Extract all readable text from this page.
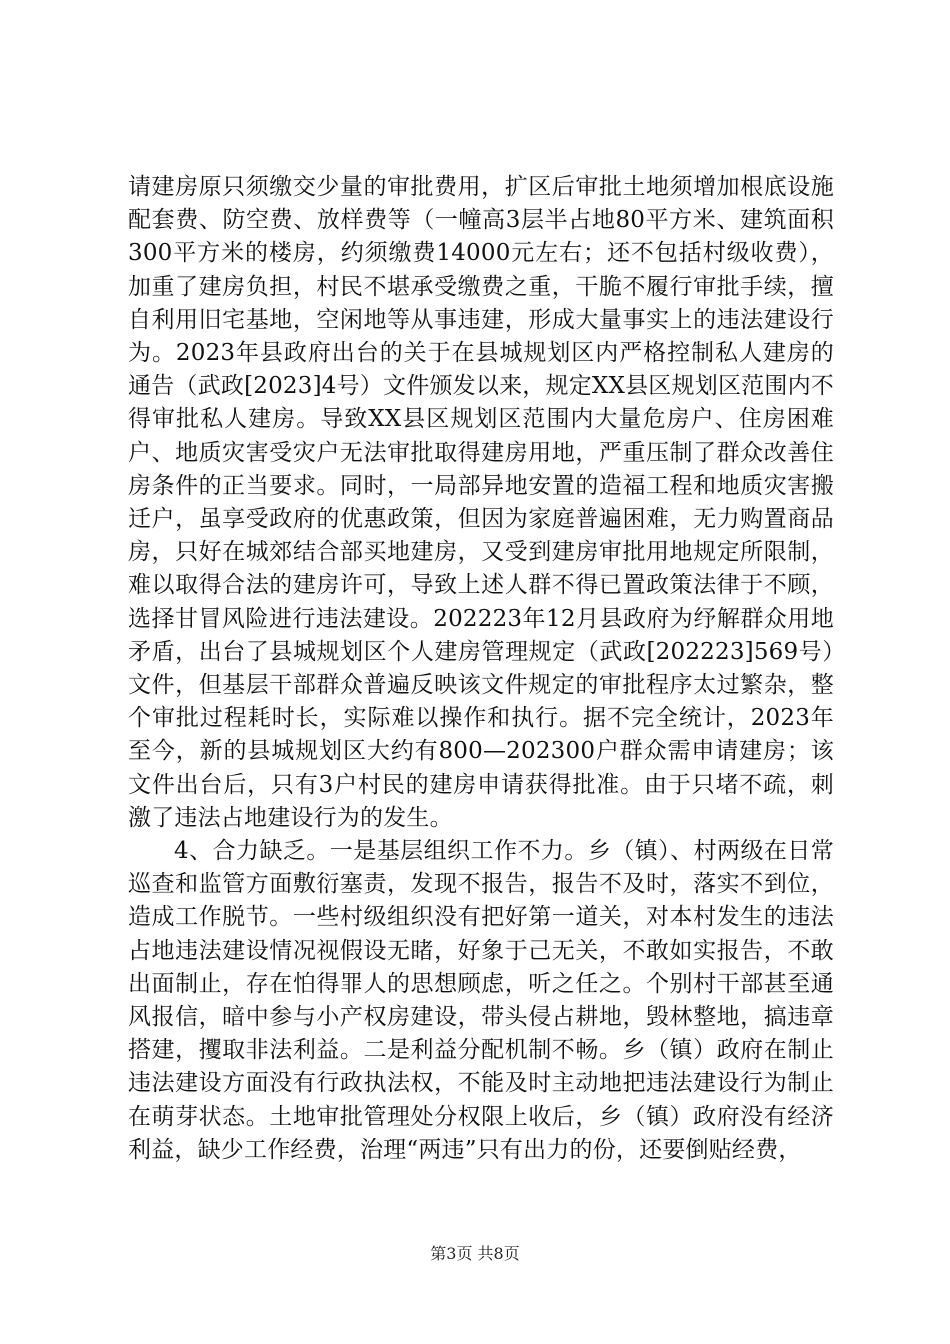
请建房原只须缴交少量的审批费用，扩区后审批土地须增加根底设施配套费、防空费、放样费等（一幢高3层半占地80平方米、建筑面积300平方米的楼房，约须缴费14000元左右；还不包括村级收费），加重了建房负担，村民不堪承受缴费之重，干脆不履行审批手续，擅自利用旧宅基地，空闲地等从事违建，形成大量事实上的违法建设行为。2023年县政府出台的关于在县城规划区内严格控制私人建房的通告（武政[2023]4号）文件颁发以来，规定XX县区规划区范围内不得审批私人建房。导致XX县区规划区范围内大量危房户、住房困难户、地质灾害受灾户无法审批取得建房用地，严重压制了群众改善住房条件的正当要求。同时，一局部异地安置的造福工程和地质灾害搬迁户，虽享受政府的优惠政策，但因为家庭普遍困难，无力购置商品房，只好在城郊结合部买地建房，又受到建房审批用地规定所限制，难以取得合法的建房许可，导致上述人群不得已置政策法律于不顾，选择甘冒风险进行违法建设。202223年12月县政府为纾解群众用地矛盾，出台了县城规划区个人建房管理规定（武政[202223]569号）文件，但基层干部群众普遍反映该文件规定的审批程序太过繁杂，整个审批过程耗时长，实际难以操作和执行。据不完全统计，2023年至今，新的县城规划区大约有800—202300户群众需申请建房；该文件出台后，只有3户村民的建房申请获得批准。由于只堵不疏，刺激了违法占地建设行为的发生。

4、合力缺乏。一是基层组织工作不力。乡（镇）、村两级在日常巡查和监管方面敷衍塞责，发现不报告，报告不及时，落实不到位，造成工作脱节。一些村级组织没有把好第一道关，对本村发生的违法占地违法建设情况视假设无睹，好象于己无关，不敢如实报告，不敢出面制止，存在怕得罪人的思想顾虑，听之任之。个别村干部甚至通风报信，暗中参与小产权房建设，带头侵占耕地，毁林整地，搞违章搭建，攫取非法利益。二是利益分配机制不畅。乡（镇）政府在制止违法建设方面没有行政执法权，不能及时主动地把违法建设行为制止在萌芽状态。土地审批管理处分权限上收后，乡（镇）政府没有经济利益，缺少工作经费，治理“两违”只有出力的份，还要倒贴经费，

第3页 共8页
